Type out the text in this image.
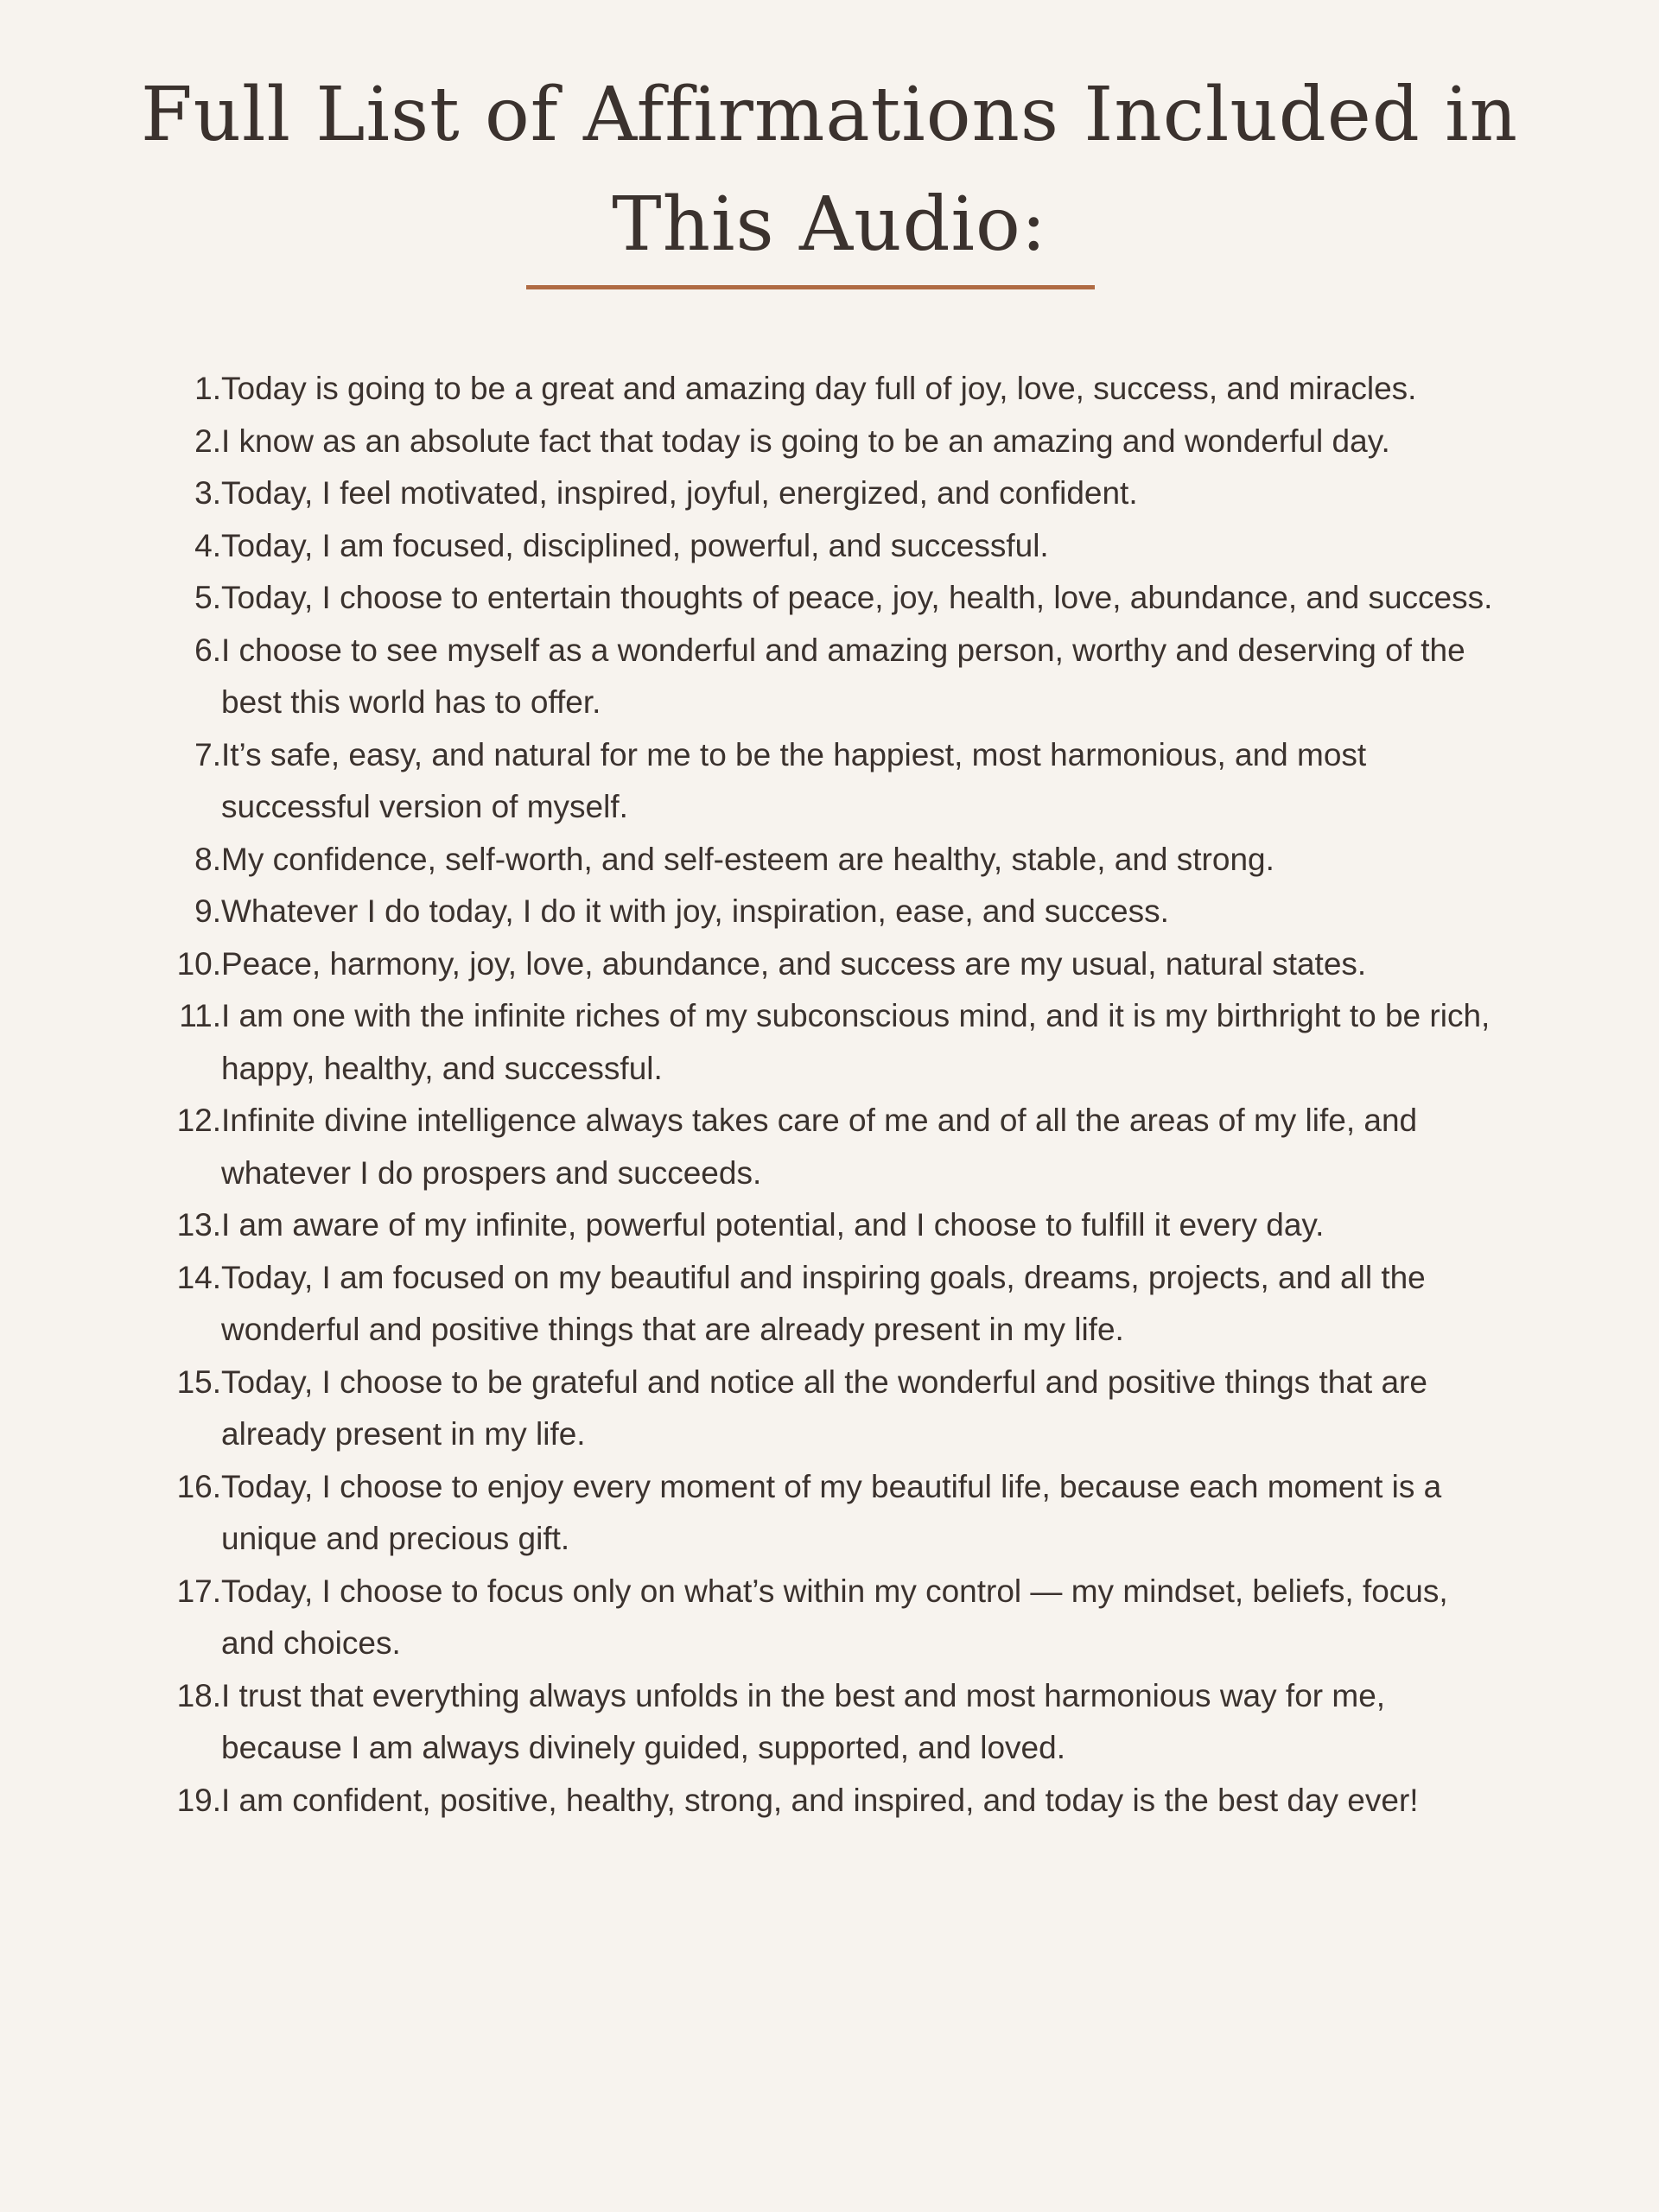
Full List of Affirmations Included in
This Audio:
1. Today is going to be a great and amazing day full of joy, love, success, and miracles.
2. I know as an absolute fact that today is going to be an amazing and wonderful day.
3. Today, I feel motivated, inspired, joyful, energized, and confident.
4. Today, I am focused, disciplined, powerful, and successful.
5. Today, I choose to entertain thoughts of peace, joy, health, love, abundance, and success.
6. I choose to see myself as a wonderful and amazing person, worthy and deserving of the best this world has to offer.
7. It’s safe, easy, and natural for me to be the happiest, most harmonious, and most successful version of myself.
8. My confidence, self-worth, and self-esteem are healthy, stable, and strong.
9. Whatever I do today, I do it with joy, inspiration, ease, and success.
10. Peace, harmony, joy, love, abundance, and success are my usual, natural states.
11. I am one with the infinite riches of my subconscious mind, and it is my birthright to be rich, happy, healthy, and successful.
12. Infinite divine intelligence always takes care of me and of all the areas of my life, and whatever I do prospers and succeeds.
13. I am aware of my infinite, powerful potential, and I choose to fulfill it every day.
14. Today, I am focused on my beautiful and inspiring goals, dreams, projects, and all the wonderful and positive things that are already present in my life.
15. Today, I choose to be grateful and notice all the wonderful and positive things that are already present in my life.
16. Today, I choose to enjoy every moment of my beautiful life, because each moment is a unique and precious gift.
17. Today, I choose to focus only on what’s within my control — my mindset, beliefs, focus, and choices.
18. I trust that everything always unfolds in the best and most harmonious way for me, because I am always divinely guided, supported, and loved.
19. I am confident, positive, healthy, strong, and inspired, and today is the best day ever!
